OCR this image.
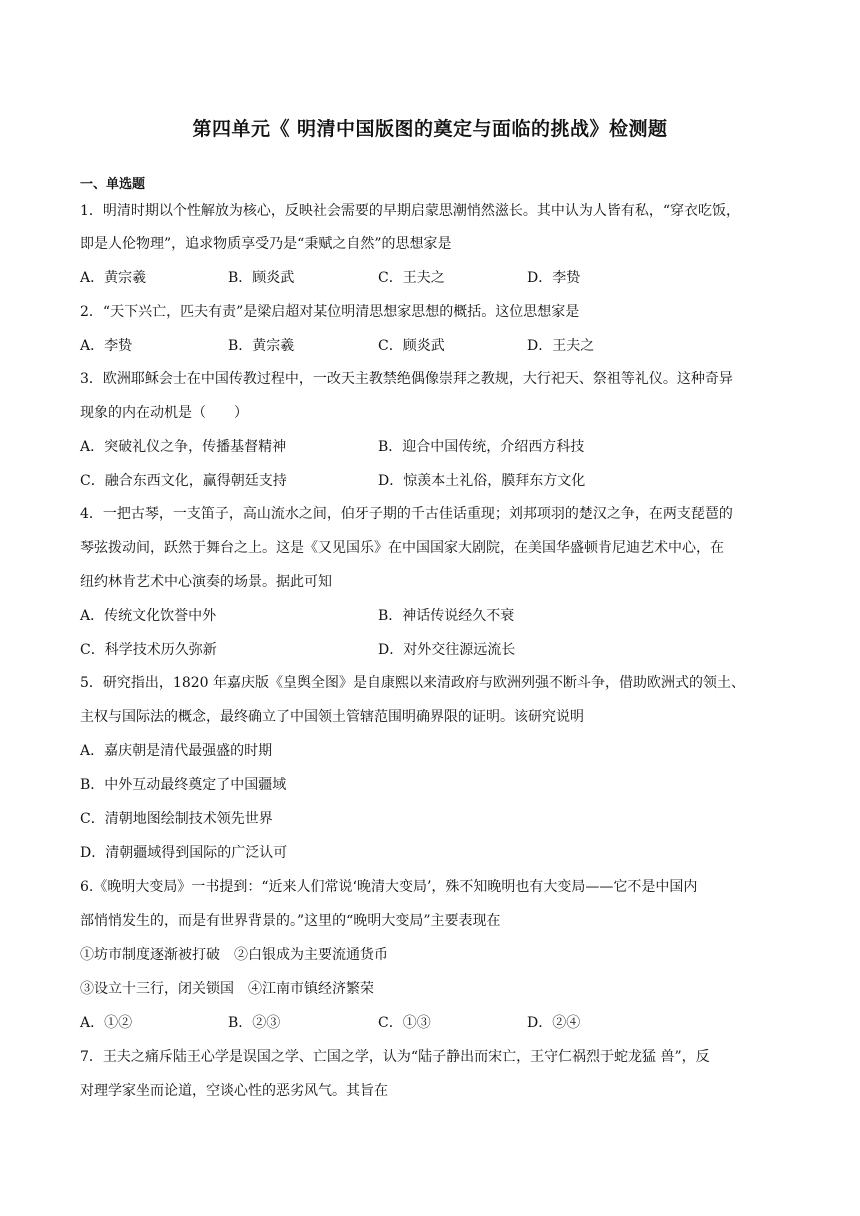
第四单元《 明清中国版图的奠定与面临的挑战》检测题
一、单选题
1．明清时期以个性解放为核心，反映社会需要的早期启蒙思潮悄然滋长。其中认为人皆有私，“穿衣吃饭，
即是人伦物理”，追求物质享受乃是“秉赋之自然”的思想家是
A．黄宗羲	B．顾炎武	C．王夫之	D．李贽
2．“天下兴亡，匹夫有责”是梁启超对某位明清思想家思想的概括。这位思想家是
A．李贽	B．黄宗羲	C．顾炎武	D．王夫之
3．欧洲耶稣会士在中国传教过程中，一改天主教禁绝偶像崇拜之教规，大行祀天、祭祖等礼仪。这种奇异
现象的内在动机是（　　）
A．突破礼仪之争，传播基督精神	B．迎合中国传统，介绍西方科技
C．融合东西文化，赢得朝廷支持	D．惊羡本土礼俗，膜拜东方文化
4．一把古琴，一支笛子，高山流水之间，伯牙子期的千古佳话重现；刘邦项羽的楚汉之争，在两支琵琶的
琴弦拨动间，跃然于舞台之上。这是《又见国乐》在中国国家大剧院，在美国华盛顿肯尼迪艺术中心，在
纽约林肯艺术中心演奏的场景。据此可知
A．传统文化饮誉中外	B．神话传说经久不衰
C．科学技术历久弥新	D．对外交往源远流长
5．研究指出，1820 年嘉庆版《皇舆全图》是自康熙以来清政府与欧洲列强不断斗争，借助欧洲式的领土、
主权与国际法的概念，最终确立了中国领土管辖范围明确界限的证明。该研究说明
A．嘉庆朝是清代最强盛的时期
B．中外互动最终奠定了中国疆域
C．清朝地图绘制技术领先世界
D．清朝疆域得到国际的广泛认可
6.《晚明大变局》一书提到：“近来人们常说‘晚清大变局’，殊不知晚明也有大变局——它不是中国内
部悄悄发生的，而是有世界背景的。”这里的“晚明大变局”主要表现在
①坊市制度逐渐被打破　②白银成为主要流通货币
③设立十三行，闭关锁国　④江南市镇经济繁荣
A．①②	B．②③	C．①③	D．②④
7．王夫之痛斥陆王心学是误国之学、亡国之学，认为“陆子静出而宋亡，王守仁祸烈于蛇龙猛 兽”，反
对理学家坐而论道，空谈心性的恶劣风气。其旨在
